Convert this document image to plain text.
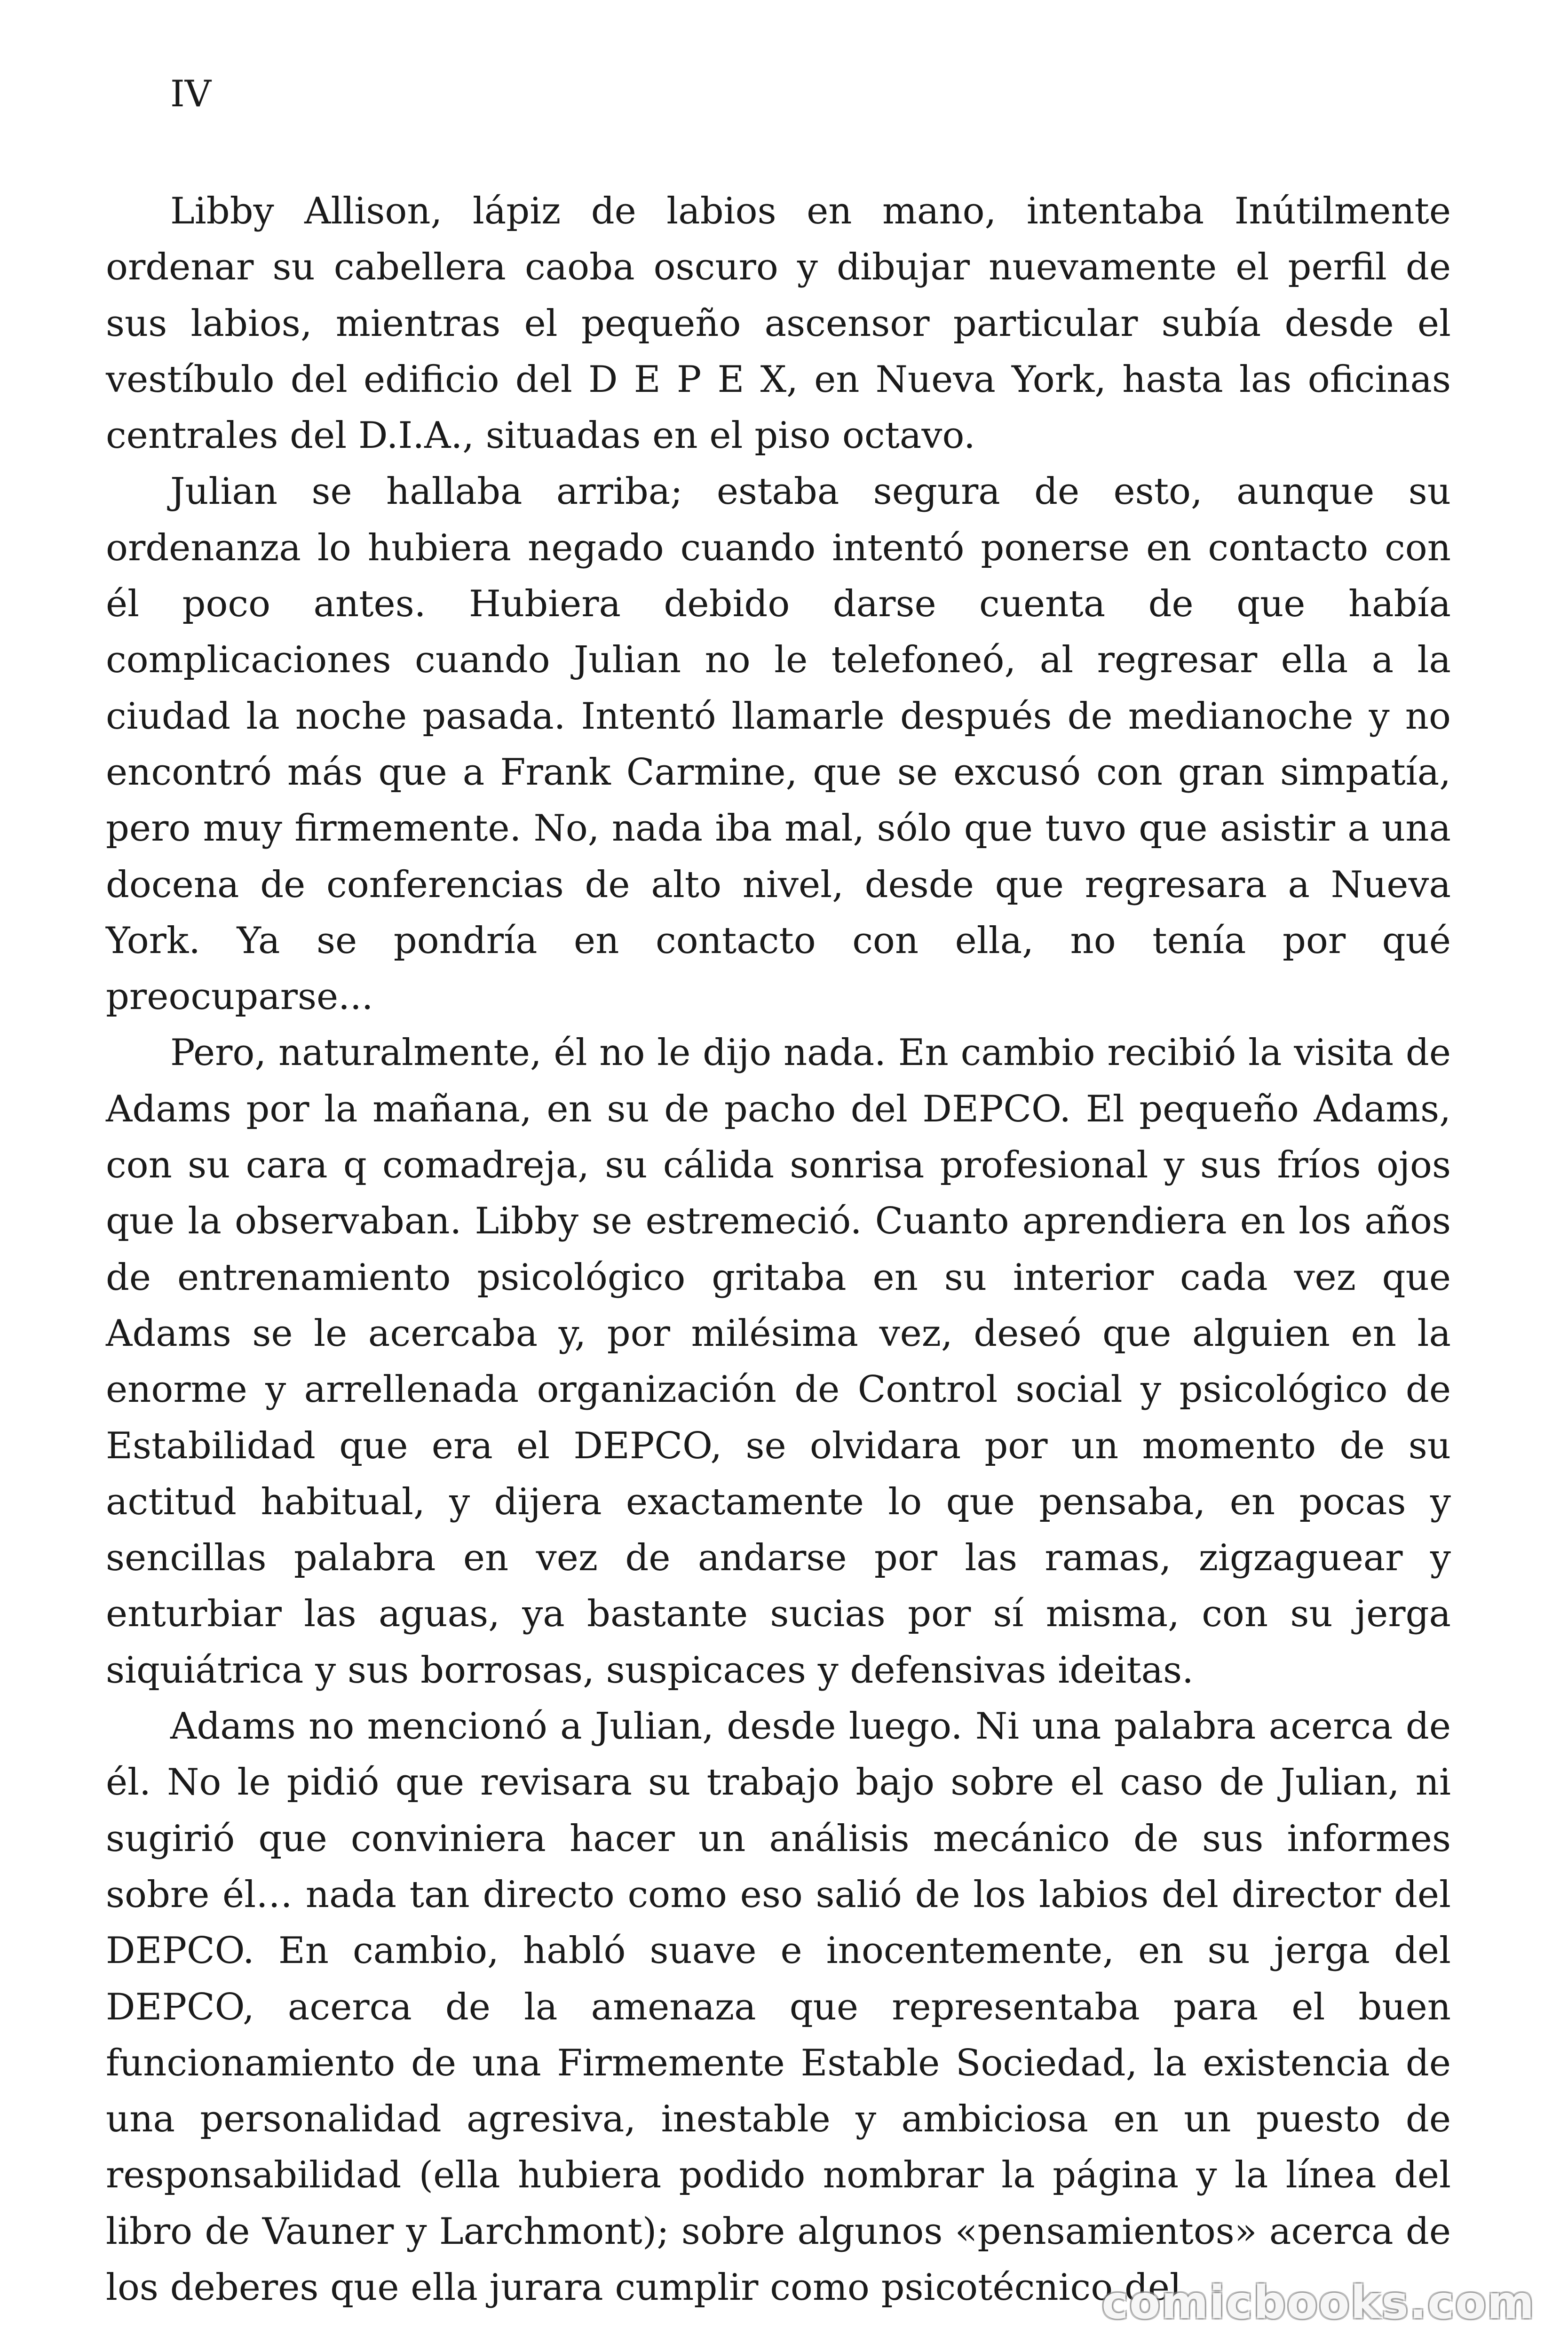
IV

Libby Allison, lápiz de labios en mano, intentaba Inútilmente ordenar su cabellera caoba oscuro y dibujar nuevamente el perfil de sus labios, mientras el pequeño ascensor particular subía desde el vestíbulo del edificio del D E P E X, en Nueva York, hasta las oficinas centrales del D.I.A., situadas en el piso octavo.

Julian se hallaba arriba; estaba segura de esto, aunque su ordenanza lo hubiera negado cuando intentó ponerse en contacto con él poco antes. Hubiera debido darse cuenta de que había complicaciones cuando Julian no le telefoneó, al regresar ella a la ciudad la noche pasada. Intentó llamarle después de medianoche y no encontró más que a Frank Carmine, que se excusó con gran simpatía, pero muy firmemente. No, nada iba mal, sólo que tuvo que asistir a una docena de conferencias de alto nivel, desde que regresara a Nueva York. Ya se pondría en contacto con ella, no tenía por qué preocuparse...

Pero, naturalmente, él no le dijo nada. En cambio recibió la visita de Adams por la mañana, en su de pacho del DEPCO. El pequeño Adams, con su cara q comadreja, su cálida sonrisa profesional y sus fríos ojos que la observaban. Libby se estremeció. Cuanto aprendiera en los años de entrenamiento psicológico gritaba en su interior cada vez que Adams se le acercaba y, por milésima vez, deseó que alguien en la enorme y arrellenada organización de Control social y psicológico de Estabilidad que era el DEPCO, se olvidara por un momento de su actitud habitual, y dijera exactamente lo que pensaba, en pocas y sencillas palabra en vez de andarse por las ramas, zigzaguear y enturbiar las aguas, ya bastante sucias por sí misma, con su jerga siquiátrica y sus borrosas, suspicaces y defensivas ideitas.

Adams no mencionó a Julian, desde luego. Ni una palabra acerca de él. No le pidió que revisara su trabajo bajo sobre el caso de Julian, ni sugirió que conviniera hacer un análisis mecánico de sus informes sobre él… nada tan directo como eso salió de los labios del director del DEPCO. En cambio, habló suave e inocentemente, en su jerga del DEPCO, acerca de la amenaza que representaba para el buen funcionamiento de una Firmemente Estable Sociedad, la existencia de una personalidad agresiva, inestable y ambiciosa en un puesto de responsabilidad (ella hubiera podido nombrar la página y la línea del libro de Vauner y Larchmont); sobre algunos «pensamientos» acerca de los deberes que ella jurara cumplir como psicotécnico del

comicbooks.com
